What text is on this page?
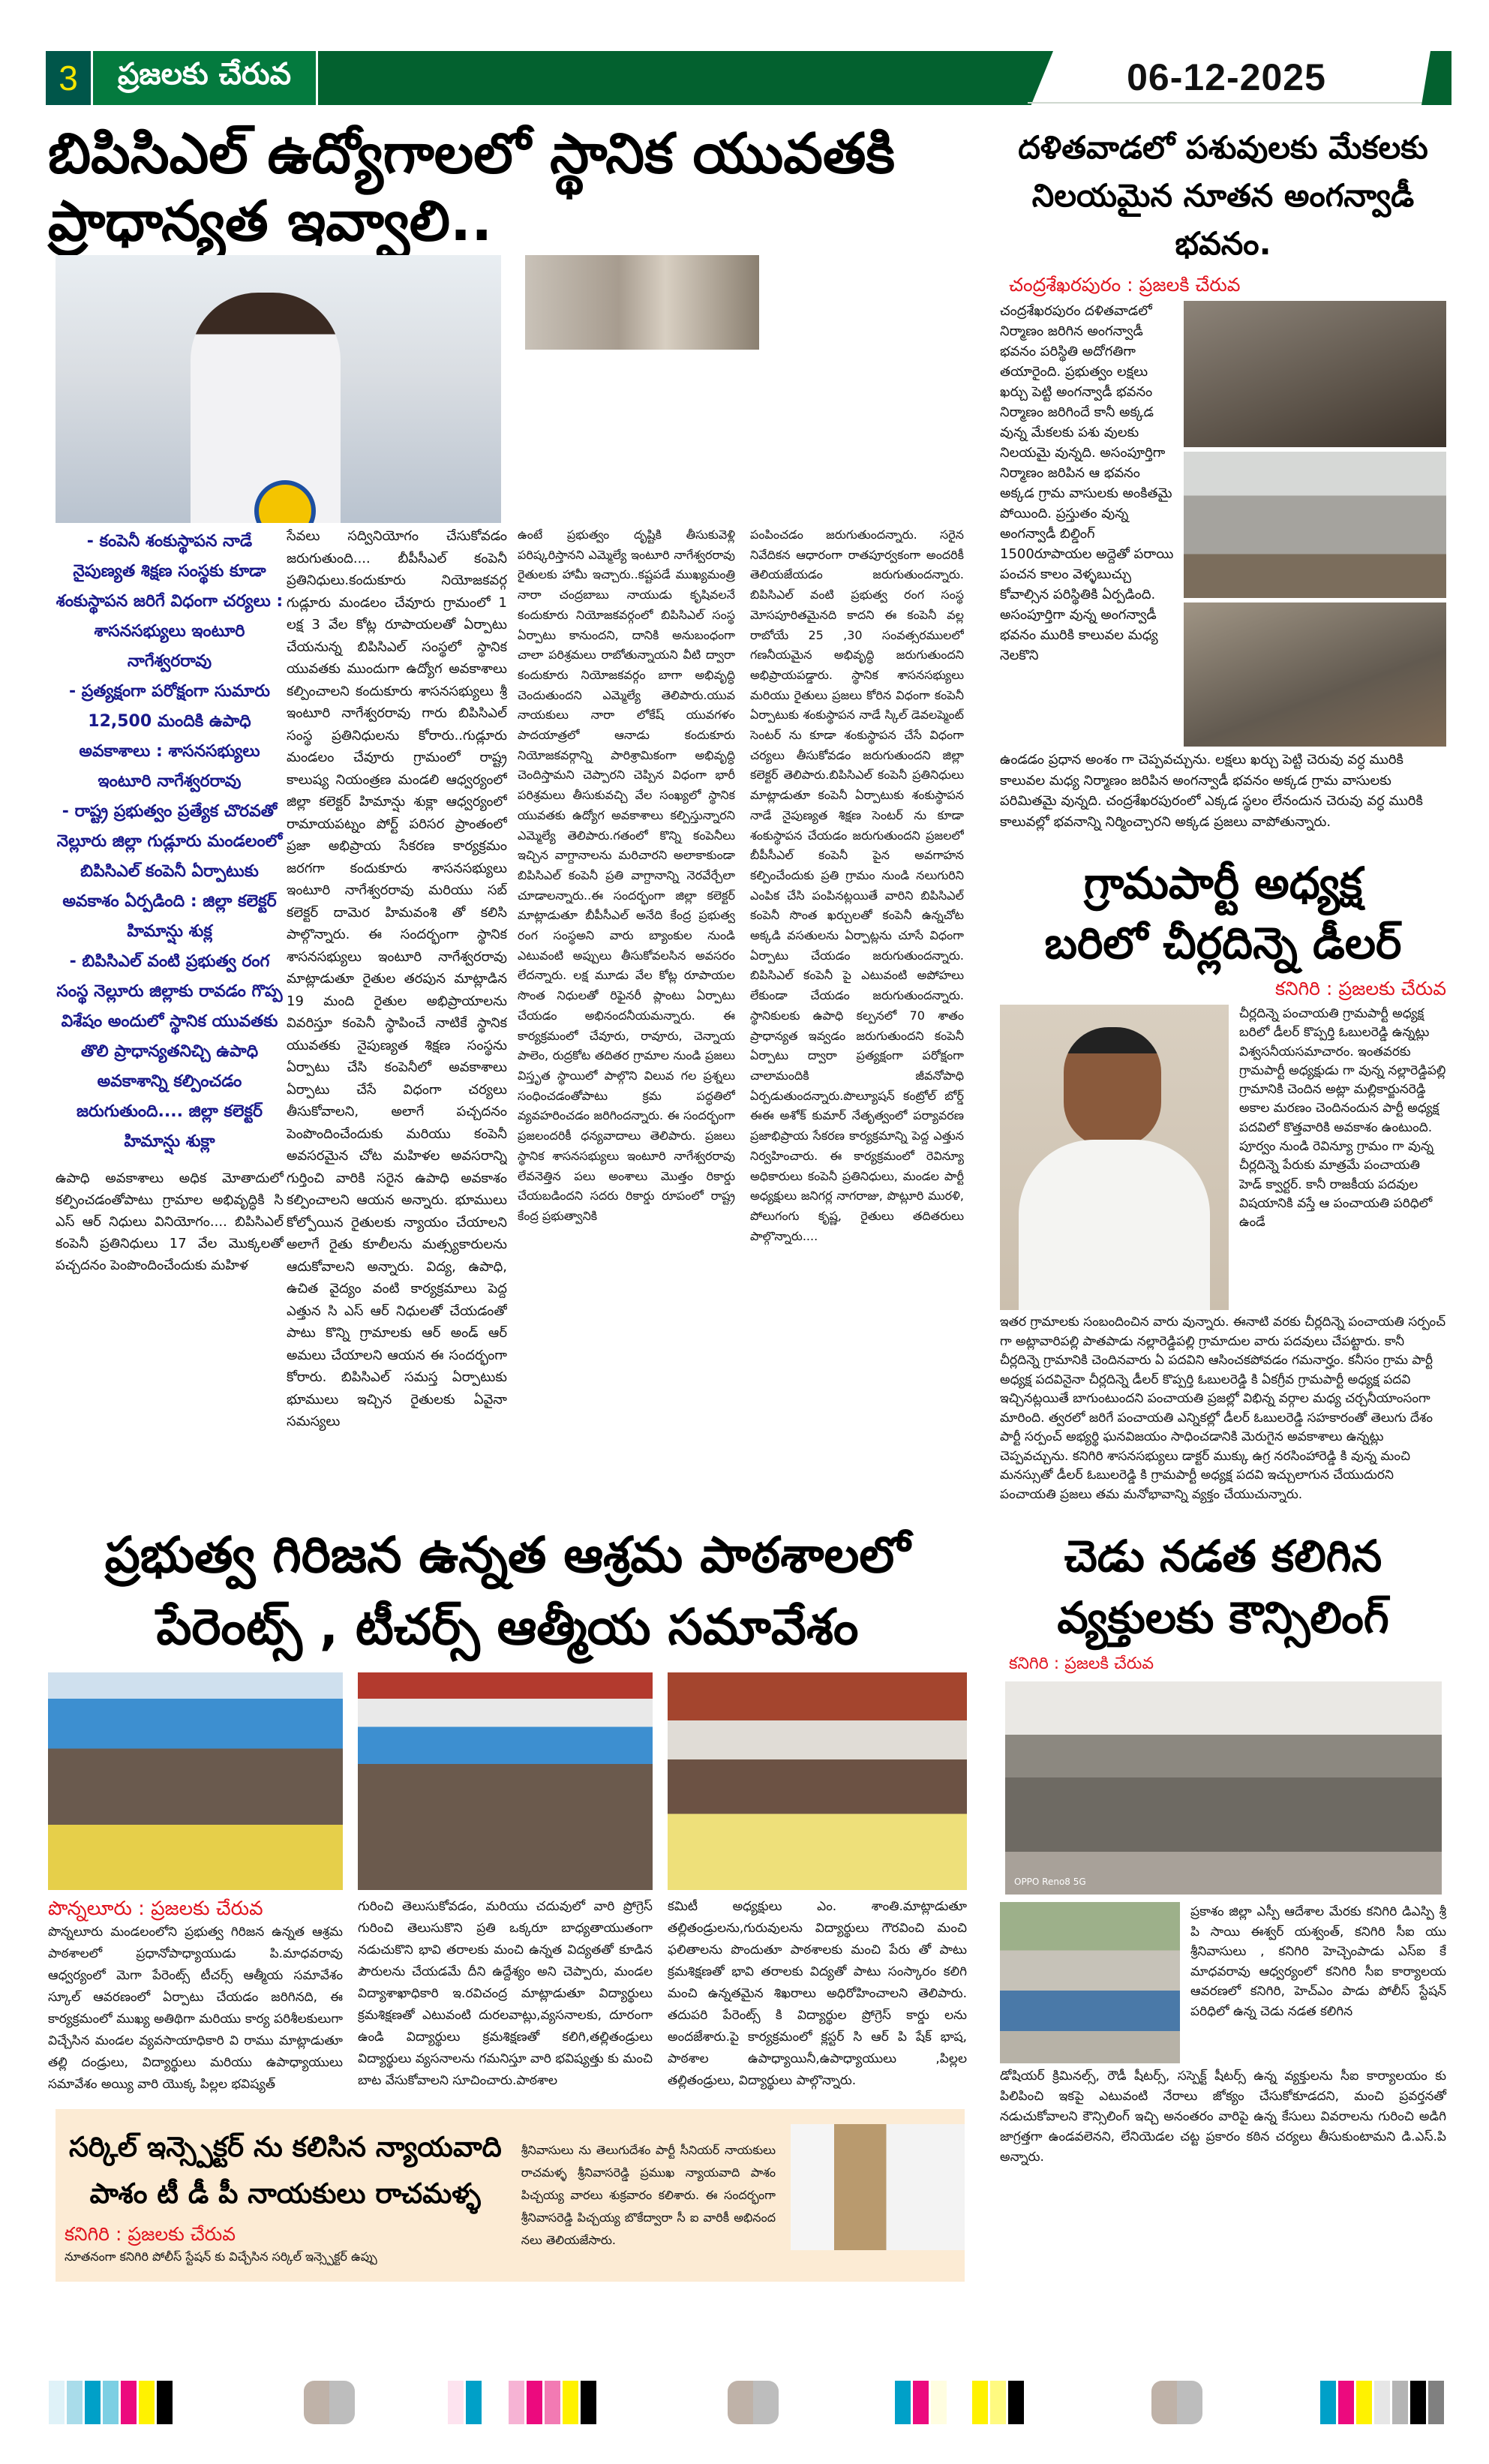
3	ప్రజలకు చేరువ	06-12-2025
బిపిసిఎల్ ఉద్యోగాలలో స్థానిక యువతకి ప్రాధాన్యత ఇవ్వాలి..
- కంపెనీ శంకుస్థాపన నాడే నైపుణ్యత శిక్షణ సంస్థకు కూడా శంకుస్థాపన జరిగే విధంగా చర్యలు : శాసనసభ్యులు ఇంటూరి నాగేశ్వరరావు
- ప్రత్యక్షంగా పరోక్షంగా సుమారు 12,500 మందికి ఉపాధి అవకాశాలు : శాసనసభ్యులు ఇంటూరి నాగేశ్వరరావు
- రాష్ట్ర ప్రభుత్వం ప్రత్యేక చొరవతో నెల్లూరు జిల్లా గుడ్లూరు మండలంలో బిపిసిఎల్ కంపెనీ ఏర్పాటుకు అవకాశం ఏర్పడింది : జిల్లా కలెక్టర్ హిమాన్షు శుక్ల
- బిపిసిఎల్ వంటి ప్రభుత్వ రంగ సంస్థ నెల్లూరు జిల్లాకు రావడం గొప్ప విశేషం అందులో స్థానిక యువతకు తొలి ప్రాధాన్యతనిచ్చి ఉపాధి అవకాశాన్ని కల్పించడం జరుగుతుంది.... జిల్లా కలెక్టర్ హిమాన్షు శుక్లా
ఉపాధి అవకాశాలు అధిక మోతాదులో కల్పించడంతోపాటు గ్రామాల అభివృద్ధికి సి ఎస్ ఆర్ నిధులు వినియోగం.... బిపిసిఎల్ కంపెనీ ప్రతినిధులు 17 వేల మొక్కలతో పచ్చదనం పెంపొందించేందుకు మహిళ
సేవలు సద్వినియోగం చేసుకోవడం జరుగుతుంది.... బీపీసీఎల్ కంపెనీ ప్రతినిధులు.కందుకూరు నియోజకవర్గ గుడ్లూరు మండలం చేవూరు గ్రామంలో 1 లక్ష 3 వేల కోట్ల రూపాయలతో ఏర్పాటు చేయనున్న బిపిసిఎల్ సంస్థలో స్థానిక యువతకు ముందుగా ఉద్యోగ అవకాశాలు కల్పించాలని కందుకూరు శాసనసభ్యులు శ్రీ ఇంటూరి నాగేశ్వరరావు గారు బిపిసిఎల్ సంస్థ ప్రతినిధులను కోరారు..గుడ్లూరు మండలం చేవూరు గ్రామంలో రాష్ట్ర కాలుష్య నియంత్రణ మండలి ఆధ్వర్యంలో జిల్లా కలెక్టర్ హిమాన్షు శుక్లా ఆధ్వర్యంలో రామాయపట్నం పోర్ట్ పరిసర ప్రాంతంలో ప్రజా అభిప్రాయ సేకరణ కార్యక్రమం జరగగా కందుకూరు శాసనసభ్యులు ఇంటూరి నాగేశ్వరరావు మరియు సబ్ కలెక్టర్ దామెర హిమవంశి తో కలిసి పాల్గొన్నారు. ఈ సందర్భంగా స్థానిక శాసనసభ్యులు ఇంటూరి నాగేశ్వరరావు మాట్లాడుతూ రైతుల తరపున మాట్లాడిన 19 మంది రైతుల అభిప్రాయాలను వివరిస్తూ కంపెనీ స్థాపించే నాటికే స్థానిక యువతకు నైపుణ్యత శిక్షణ సంస్థను ఏర్పాటు చేసి కంపెనీలో అవకాశాలు ఏర్పాటు చేసే విధంగా చర్యలు తీసుకోవాలని, అలాగే పచ్చదనం పెంపొందించేందుకు మరియు కంపెనీ అవసరమైన చోట మహిళల అవసరాన్ని గుర్తించి వారికి సరైన ఉపాధి అవకాశం కల్పించాలని ఆయన అన్నారు. భూములు కోల్పోయిన రైతులకు న్యాయం చేయాలని అలాగే రైతు కూలీలను మత్స్యకారులను ఆదుకోవాలని అన్నారు. విద్య, ఉపాధి, ఉచిత వైద్యం వంటి కార్యక్రమాలు పెద్ద ఎత్తున సి ఎస్ ఆర్ నిధులతో చేయడంతో పాటు కొన్ని గ్రామాలకు ఆర్ అండ్ ఆర్ అమలు చేయాలని ఆయన ఈ సందర్భంగా కోరారు. బిపిసిఎల్ సమస్త ఏర్పాటుకు భూములు ఇచ్చిన రైతులకు ఏవైనా సమస్యలు
ఉంటే ప్రభుత్వం దృష్టికి తీసుకువెళ్లి పరిష్కరిస్తానని ఎమ్మెల్యే ఇంటూరి నాగేశ్వరరావు రైతులకు హామీ ఇచ్చారు..కష్టపడే ముఖ్యమంత్రి నారా చంద్రబాబు నాయుడు కృషివలనే కందుకూరు నియోజకవర్గంలో బిపిసిఎల్ సంస్థ ఏర్పాటు కానుందని, దానికి అనుబంధంగా చాలా పరిశ్రమలు రాబోతున్నాయని వీటి ద్వారా కందుకూరు నియోజకవర్గం బాగా అభివృద్ధి చెందుతుందని ఎమ్మెల్యే తెలిపారు.యువ నాయకులు నారా లోకేష్ యువగళం పాదయాత్రలో ఆనాడు కందుకూరు నియోజకవర్గాన్ని పారిశ్రామికంగా అభివృద్ధి చెందిస్తామని చెప్పారని చెప్పిన విధంగా భారీ పరిశ్రమలు తీసుకువచ్చి వేల సంఖ్యలో స్థానిక యువతకు ఉద్యోగ అవకాశాలు కల్పిస్తున్నారని ఎమ్మెల్యే తెలిపారు.గతంలో కొన్ని కంపెనీలు ఇచ్చిన వాగ్దానాలను మరిచారని అలాకాకుండా బిపిసిఎల్ కంపెనీ ప్రతి వాగ్దానాన్ని నెరవేర్చేలా చూడాలన్నారు..ఈ సందర్భంగా జిల్లా కలెక్టర్ మాట్లాడుతూ బీపీసీఎల్ అనేది కేంద్ర ప్రభుత్వ రంగ సంస్థఅని వారు బ్యాంకుల నుండి ఎటువంటి అప్పులు తీసుకోవలసిన అవసరం లేదన్నారు. లక్ష మూడు వేల కోట్ల రూపాయల సొంత నిధులతో రిఫైనరీ ప్లాంటు ఏర్పాటు చేయడం అభినందనీయమన్నారు. ఈ కార్యక్రమంలో చేవూరు, రావూరు, చెన్నాయ పాలెం, రుద్రకోట తదితర గ్రామాల నుండి ప్రజలు విస్తృత స్థాయిలో పాల్గొని విలువ గల ప్రశ్నలు సంధించడంతోపాటు క్రమ పద్ధతిలో వ్యవహరించడం జరిగిందన్నారు. ఈ సందర్భంగా ప్రజలందరికీ ధన్యవాదాలు తెలిపారు. ప్రజలు స్థానిక శాసనసభ్యులు ఇంటూరి నాగేశ్వరరావు లేవనెత్తిన పలు అంశాలు మొత్తం రికార్డు చేయబడిందని సదరు రికార్డు రూపంలో రాష్ట్ర కేంద్ర ప్రభుత్వానికి
పంపించడం జరుగుతుందన్నారు. సరైన నివేదికన ఆధారంగా రాతపూర్వకంగా అందరికీ తెలియజేయడం జరుగుతుందన్నారు. బిపిసిఎల్ వంటి ప్రభుత్వ రంగ సంస్థ మోసపూరితమైనది కాదని ఈ కంపెనీ వల్ల రాబోయే 25 ,30 సంవత్సరములలో గణనీయమైన అభివృద్ధి జరుగుతుందని అభిప్రాయపడ్డారు. స్థానిక శాసనసభ్యులు మరియు రైతులు ప్రజలు కోరిన విధంగా కంపెనీ ఏర్పాటుకు శంకుస్థాపన నాడే స్కిల్ డెవలప్మెంట్ సెంటర్ ను కూడా శంకుస్థాపన చేసే విధంగా చర్యలు తీసుకోవడం జరుగుతుందని జిల్లా కలెక్టర్ తెలిపారు.బిపిసిఎల్ కంపెనీ ప్రతినిధులు మాట్లాడుతూ కంపెనీ ఏర్పాటుకు శంకుస్థాపన నాడే నైపుణ్యత శిక్షణ సెంటర్ ను కూడా శంకుస్థాపన చేయడం జరుగుతుందని ప్రజలలో బీపీసీఎల్ కంపెనీ పైన అవగాహన కల్పించేందుకు ప్రతి గ్రామం నుండి నలుగురిని ఎంపిక చేసి పంపినట్లయితే వారిని బిపిసిఎల్ కంపెనీ సొంత ఖర్చులతో కంపెనీ ఉన్నచోట అక్కడి వసతులను ఏర్పాట్లను చూసే విధంగా ఏర్పాటు చేయడం జరుగుతుందన్నారు. బిపిసిఎల్ కంపెనీ పై ఎటువంటి అపోహలు లేకుండా చేయడం జరుగుతుందన్నారు. స్థానికులకు ఉపాధి కల్పనలో 70 శాతం ప్రాధాన్యత ఇవ్వడం జరుగుతుందని కంపెనీ ఏర్పాటు ద్వారా ప్రత్యక్షంగా పరోక్షంగా చాలామందికి జీవనోపాధి ఏర్పడుతుందన్నారు.పొల్యూషన్ కంట్రోల్ బోర్డ్ ఈఈ అశోక్ కుమార్ నేతృత్వంలో పర్యావరణ ప్రజాభిప్రాయ సేకరణ కార్యక్రమాన్ని పెద్ద ఎత్తున నిర్వహించారు. ఈ కార్యక్రమంలో రెవిన్యూ అధికారులు కంపెనీ ప్రతినిధులు, మండల పార్టీ అధ్యక్షులు జనిగర్ల నాగరాజు, పొట్లూరి మురళి, పోలుగంగు కృష్ణ, రైతులు తదితరులు పాల్గొన్నారు....
ప్రభుత్వ గిరిజన ఉన్నత ఆశ్రమ పాఠశాలలో
పేరెంట్స్ , టీచర్స్ ఆత్మీయ సమావేశం
పొన్నలూరు : ప్రజలకు చేరువ
పొన్నలూరు మండలంలోని ప్రభుత్వ గిరిజన ఉన్నత ఆశ్రమ పాఠశాలలో ప్రధానోపాధ్యాయుడు పి.మాధవరావు ఆధ్వర్యంలో మెగా పేరెంట్స్ టీచర్స్ ఆత్మీయ సమావేశం స్కూల్ ఆవరణంలో ఏర్పాటు చేయడం జరిగినది, ఈ కార్యక్రమంలో ముఖ్య అతిథిగా మరియు కార్య పరిశీలకులుగా విచ్చేసిన మండల వ్యవసాయాధికారి వి రాము మాట్లాడుతూ తల్లి దండ్రులు, విద్యార్థులు మరియు ఉపాధ్యాయులు సమావేశం అయ్యి వారి యొక్క పిల్లల భవిష్యత్
గురించి తెలుసుకోవడం, మరియు చదువులో వారి ప్రోగ్రెస్ గురించి తెలుసుకొని ప్రతి ఒక్కరూ బాధ్యతాయుతంగా నడుచుకొని భావి తరాలకు మంచి ఉన్నత విద్యతతో కూడిన పౌరులను చేయడమే దీని ఉద్దేశ్యం అని చెప్పారు, మండల విద్యాశాఖాధికారి ఇ.రవిచంద్ర మాట్లాడుతూ విద్యార్థులు క్రమశిక్షణతో ఎటువంటి దురలవాట్లు,వ్యసనాలకు, దూరంగా ఉండి విద్యార్థులు క్రమశిక్షణతో కలిగి,తల్లితండ్రులు విద్యార్థులు వ్యసనాలను గమనిస్తూ వారి భవిష్యత్తు కు మంచి బాట వేసుకోవాలని సూచించారు.పాఠశాల
కమిటీ అధ్యక్షులు ఎం. శాంతి.మాట్లాడుతూ తల్లితండ్రులను,గురువులను విద్యార్థులు గౌరవించి మంచి ఫలితాలను పొందుతూ పాఠశాలకు మంచి పేరు తో పాటు క్రమశిక్షణతో భావి తరాలకు విద్యతో పాటు సంస్కారం కలిగి మంచి ఉన్నతమైన శిఖరాలు అధిరోహించాలని తెలిపారు. తదుపరి పేరెంట్స్ కి విద్యార్థుల ప్రోగ్రెస్ కార్డు లను అందజేశారు.పై కార్యక్రమంలో క్లస్టర్ సి ఆర్ పి షేక్ భాష, పాఠశాల ఉపాధ్యాయినీ,ఉపాధ్యాయులు ,పిల్లల తల్లితండ్రులు, విద్యార్థులు పాల్గొన్నారు.
సర్కిల్ ఇన్స్పెక్టర్ ను కలిసిన న్యాయవాది
పాశం టీ డీ పీ నాయకులు రాచమళ్ళ
కనిగిరి : ప్రజలకు చేరువ
నూతనంగా కనిగిరి పోలీస్ స్టేషన్ కు విచ్చేసిన సర్కిల్ ఇన్స్పెక్టర్ ఉప్పు
శ్రీనివాసులు ను తెలుగుదేశం పార్టీ సీనియర్ నాయకులు రాచమళ్ళ శ్రీనివాసరెడ్డి ప్రముఖ న్యాయవాది పాశం పిచ్చయ్య వారలు శుక్రవారం కలిశారు. ఈ సందర్భంగా శ్రీనివాసరెడ్డి పిచ్చయ్య బొకేద్వారా సీ ఐ వారికీ అభినంద నలు తెలియజేసారు.
దళితవాడలో పశువులకు మేకలకు
నిలయమైన నూతన అంగన్వాడీ భవనం.
చంద్రశేఖరపురం : ప్రజలకి చేరువ
చంద్రశేఖరపురం దళితవాడలో నిర్మాణం జరిగిన అంగన్వాడీ భవనం పరిస్థితి అదోగతిగా తయారైంది. ప్రభుత్వం లక్షలు ఖర్చు పెట్టి అంగన్వాడీ భవనం నిర్మాణం జరిగిందే కానీ అక్కడ వున్న మేకలకు పశు వులకు నిలయమై వున్నది. అసంపూర్తిగా నిర్మాణం జరిపిన ఆ భవనం అక్కడ గ్రామ వాసులకు అంకితమై పోయింది. ప్రస్తుతం వున్న అంగన్వాడీ బిల్డింగ్ 1500రూపాయల అద్దెతో పరాయి పంచన కాలం వెళ్ళబుచ్చు కోవాల్సిన పరిస్థితికి ఏర్పడింది. అసంపూర్తిగా వున్న అంగన్వాడీ భవనం మురికి కాలువల మధ్య నెలకొని
ఉండడం ప్రధాన అంశం గా చెప్పవచ్చును. లక్షలు ఖర్చు పెట్టి చెరువు వర్ధ మురికి కాలువల మధ్య నిర్మాణం జరిపిన అంగన్వాడీ భవనం అక్కడ గ్రామ వాసులకు పరిమితమై వున్నది. చంద్రశేఖరపురంలో ఎక్కడ స్థలం లేనందున చెరువు వర్ధ మురికి కాలువల్లో భవనాన్ని నిర్మించ్చారని అక్కడ ప్రజలు వాపోతున్నారు.
గ్రామపార్టీ అధ్యక్ష
బరిలో చీర్లదిన్నె డీలర్
కనిగిరి : ప్రజలకు చేరువ
చీర్లదిన్నె పంచాయతి గ్రామపార్టీ అధ్యక్ష బరిలో డీలర్ కొప్పర్తి ఓబులరెడ్డి ఉన్నట్లు విశ్వసనీయసమాచారం. ఇంతవరకు గ్రామపార్టీ అధ్యక్షుడు గా వున్న నల్లారెడ్డిపల్లి గ్రామానికి చెందిన అట్లా మల్లికార్జునరెడ్డి అకాల మరణం చెందినందున పార్టీ అధ్యక్ష పదవిలో కొత్తవారికి అవకాశం ఉంటుంది. పూర్వం నుండి రెవిన్యూ గ్రామం గా వున్న చీర్లదిన్నె పేరుకు మాత్రమే పంచాయతి హెడ్ క్వార్టర్. కానీ రాజకీయ పదవుల విషయానికి వస్తే ఆ పంచాయతి పరిధిలో ఉండే
ఇతర గ్రామాలకు సంబందించిన వారు వున్నారు. ఈనాటి వరకు చీర్లదిన్నె పంచాయతి సర్పంచ్ గా అట్లావారిపల్లి పాతపాడు నల్లారెడ్డిపల్లి గ్రామాదుల వారు పదవులు చేపట్టారు. కానీ చీర్లదిన్నె గ్రామానికి చెందినవారు ఏ పదవిని ఆసించకపోవడం గమనార్హం. కనీసం గ్రామ పార్టీ అధ్యక్ష పదవినైనా చీర్లదిన్నె డీలర్ కొప్పర్తి ఓబులరెడ్డి కి ఏకగ్రీవ గ్రామపార్టీ అధ్యక్ష పదవి ఇచ్చినట్లయితే బాగుంటుందని పంచాయతి ప్రజల్లో విభిన్న వర్గాల మధ్య చర్చనీయాంసంగా మారింది. త్వరలో జరిగే పంచాయతి ఎన్నికల్లో డీలర్ ఓబులరెడ్డి సహకారంతో తెలుగు దేశం పార్టీ సర్పంచ్ అభ్యర్థి ఘనవిజయం సాధించడానికి మెరుగైన అవకాశాలు ఉన్నట్లు చెప్పవచ్చును. కనిగిరి శాసనసభ్యులు డాక్టర్ ముక్కు ఉగ్ర నరసింహారెడ్డి కి వున్న మంచి మనస్సుతో డీలర్ ఓబులరెడ్డి కి గ్రామపార్టీ అధ్యక్ష పదవి ఇచ్చులాగున చేయుదురని పంచాయతి ప్రజలు తమ మనోభావాన్ని వ్యక్తం చేయుచున్నారు.
చెడు నడత కలిగిన
వ్యక్తులకు కౌన్సిలింగ్
కనిగిరి : ప్రజలకి చేరువ
OPPO Reno8 5G
ప్రకాశం జిల్లా ఎస్పీ ఆదేశాల మేరకు కనిగిరి డిఎస్పి శ్రీ పి సాయి ఈశ్వర్ యశ్వంత్, కనిగిరి సీఐ యు శ్రీనివాసులు , కనిగిరి హెచ్చెంపాడు ఎస్ఐ కే మాధవరావు ఆధ్వర్యంలో కనిగిరి సీఐ కార్యాలయ ఆవరణలో కనిగిరి, హెచ్ఎం పాడు పోలీస్ స్టేషన్ పరిధిలో ఉన్న చెడు నడత కలిగిన
డోషియర్ క్రిమినల్స్, రౌడీ షీటర్స్, సస్పెక్ట్ షీటర్స్ ఉన్న వ్యక్తులను సీఐ కార్యాలయం కు పిలిపించి ఇకపై ఎటువంటి నేరాలు జోక్యం చేసుకోకూడదని, మంచి ప్రవర్తనతో నడుచుకోవాలని కౌన్సిలింగ్ ఇచ్చి అనంతరం వారిపై ఉన్న కేసులు వివరాలను గురించి అడిగి జాగ్రత్తగా ఉండవలెనని, లేనియెడల చట్ట ప్రకారం కఠిన చర్యలు తీసుకుంటామని డి.ఎస్.పి అన్నారు.
